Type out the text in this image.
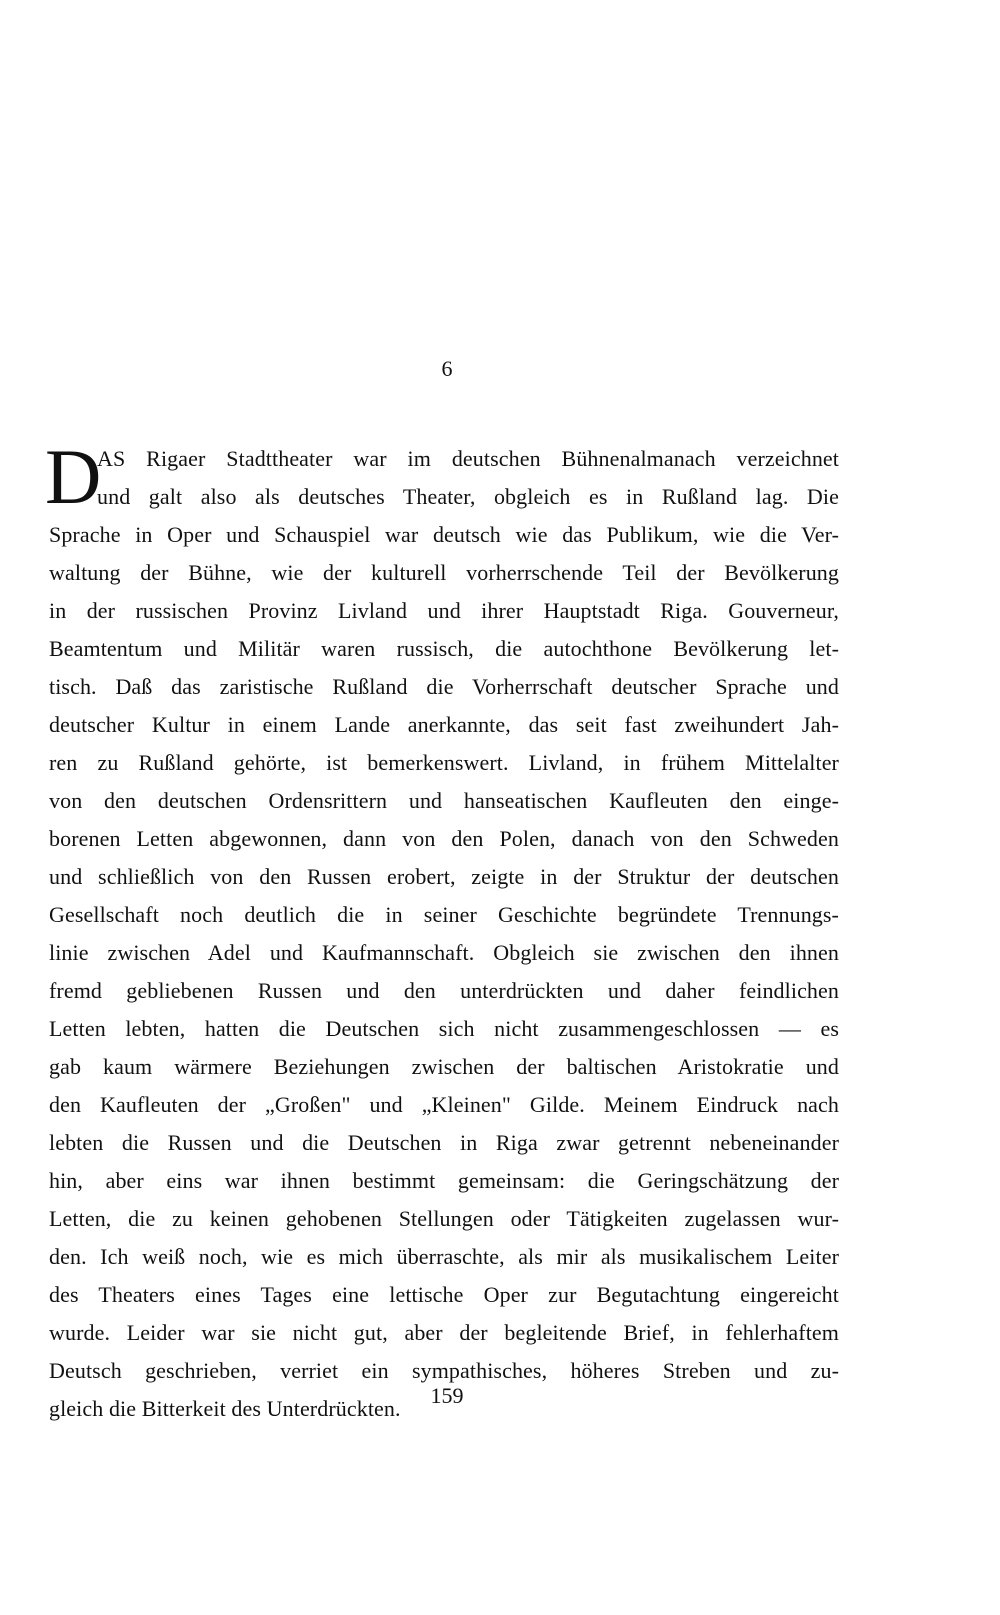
6
D
AS Rigaer Stadttheater war im deutschen Bühnenalmanach verzeichnet
und galt also als deutsches Theater, obgleich es in Rußland lag. Die
Sprache in Oper und Schauspiel war deutsch wie das Publikum, wie die Ver-
waltung der Bühne, wie der kulturell vorherrschende Teil der Bevölkerung
in der russischen Provinz Livland und ihrer Hauptstadt Riga. Gouverneur,
Beamtentum und Militär waren russisch, die autochthone Bevölkerung let-
tisch. Daß das zaristische Rußland die Vorherrschaft deutscher Sprache und
deutscher Kultur in einem Lande anerkannte, das seit fast zweihundert Jah-
ren zu Rußland gehörte, ist bemerkenswert. Livland, in frühem Mittelalter
von den deutschen Ordensrittern und hanseatischen Kaufleuten den einge-
borenen Letten abgewonnen, dann von den Polen, danach von den Schweden
und schließlich von den Russen erobert, zeigte in der Struktur der deutschen
Gesellschaft noch deutlich die in seiner Geschichte begründete Trennungs-
linie zwischen Adel und Kaufmannschaft. Obgleich sie zwischen den ihnen
fremd gebliebenen Russen und den unterdrückten und daher feindlichen
Letten lebten, hatten die Deutschen sich nicht zusammengeschlossen — es
gab kaum wärmere Beziehungen zwischen der baltischen Aristokratie und
den Kaufleuten der „Großen" und „Kleinen" Gilde. Meinem Eindruck nach
lebten die Russen und die Deutschen in Riga zwar getrennt nebeneinander
hin, aber eins war ihnen bestimmt gemeinsam: die Geringschätzung der
Letten, die zu keinen gehobenen Stellungen oder Tätigkeiten zugelassen wur-
den. Ich weiß noch, wie es mich überraschte, als mir als musikalischem Leiter
des Theaters eines Tages eine lettische Oper zur Begutachtung eingereicht
wurde. Leider war sie nicht gut, aber der begleitende Brief, in fehlerhaftem
Deutsch geschrieben, verriet ein sympathisches, höheres Streben und zu-
gleich die Bitterkeit des Unterdrückten.
159
